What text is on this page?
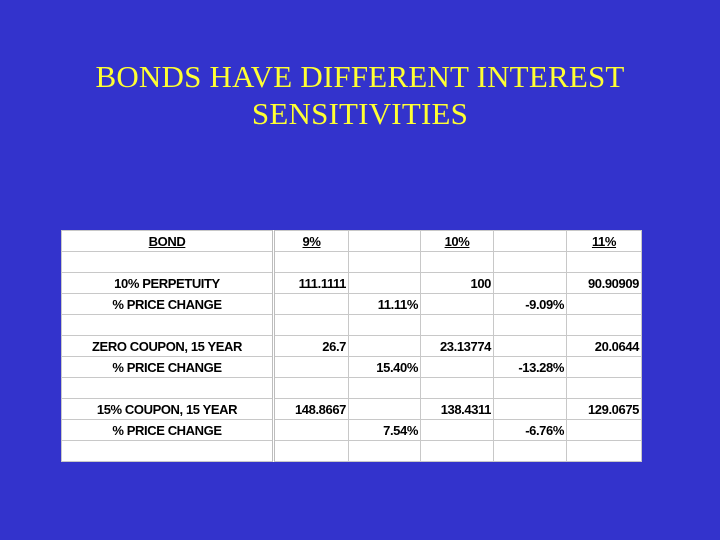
BONDS HAVE DIFFERENT INTEREST
SENSITIVITIES
BOND	9%		10%		11%

10% PERPETUITY	111.1111		100		90.90909
% PRICE CHANGE		11.11%		-9.09%	

ZERO COUPON, 15 YEAR	26.7		23.13774		20.0644
% PRICE CHANGE		15.40%		-13.28%	

15% COUPON, 15 YEAR	148.8667		138.4311		129.0675
% PRICE CHANGE		7.54%		-6.76%	
